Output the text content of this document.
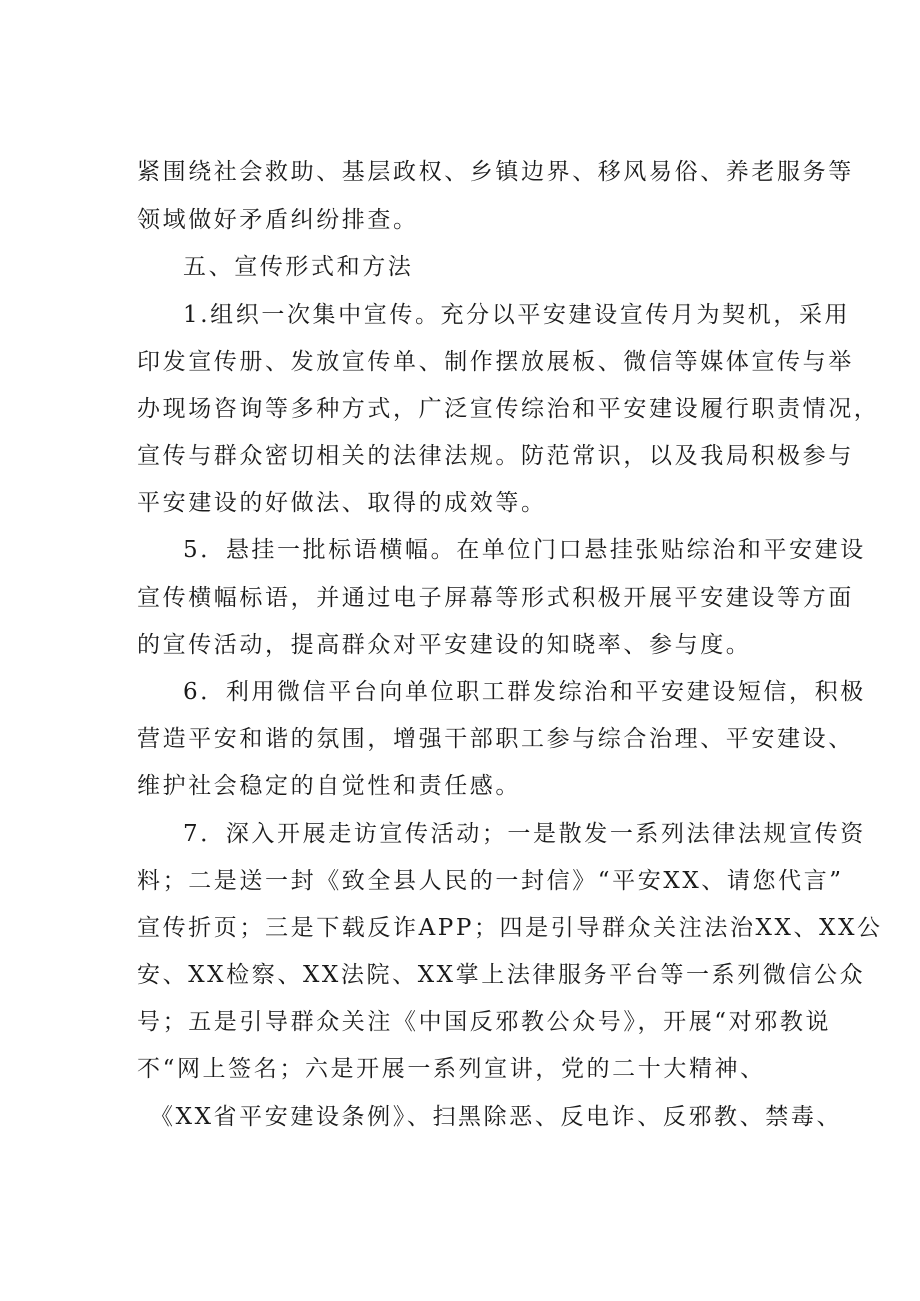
紧围绕社会救助、基层政权、乡镇边界、移风易俗、养老服务等
领域做好矛盾纠纷排查。
五、宣传形式和方法
1.组织一次集中宣传。充分以平安建设宣传月为契机，采用
印发宣传册、发放宣传单、制作摆放展板、微信等媒体宣传与举
办现场咨询等多种方式，广泛宣传综治和平安建设履行职责情况，
宣传与群众密切相关的法律法规。防范常识，以及我局积极参与
平安建设的好做法、取得的成效等。
5．悬挂一批标语横幅。在单位门口悬挂张贴综治和平安建设
宣传横幅标语，并通过电子屏幕等形式积极开展平安建设等方面
的宣传活动，提高群众对平安建设的知晓率、参与度。
6．利用微信平台向单位职工群发综治和平安建设短信，积极
营造平安和谐的氛围，增强干部职工参与综合治理、平安建设、
维护社会稳定的自觉性和责任感。
7．深入开展走访宣传活动；一是散发一系列法律法规宣传资
料；二是送一封《致全县人民的一封信》“平安XX、请您代言”
宣传折页；三是下载反诈APP；四是引导群众关注法治XX、XX公
安、XX检察、XX法院、XX掌上法律服务平台等一系列微信公众
号；五是引导群众关注《中国反邪教公众号》，开展“对邪教说
不“网上签名；六是开展一系列宣讲，党的二十大精神、
《XX省平安建设条例》、扫黑除恶、反电诈、反邪教、禁毒、
